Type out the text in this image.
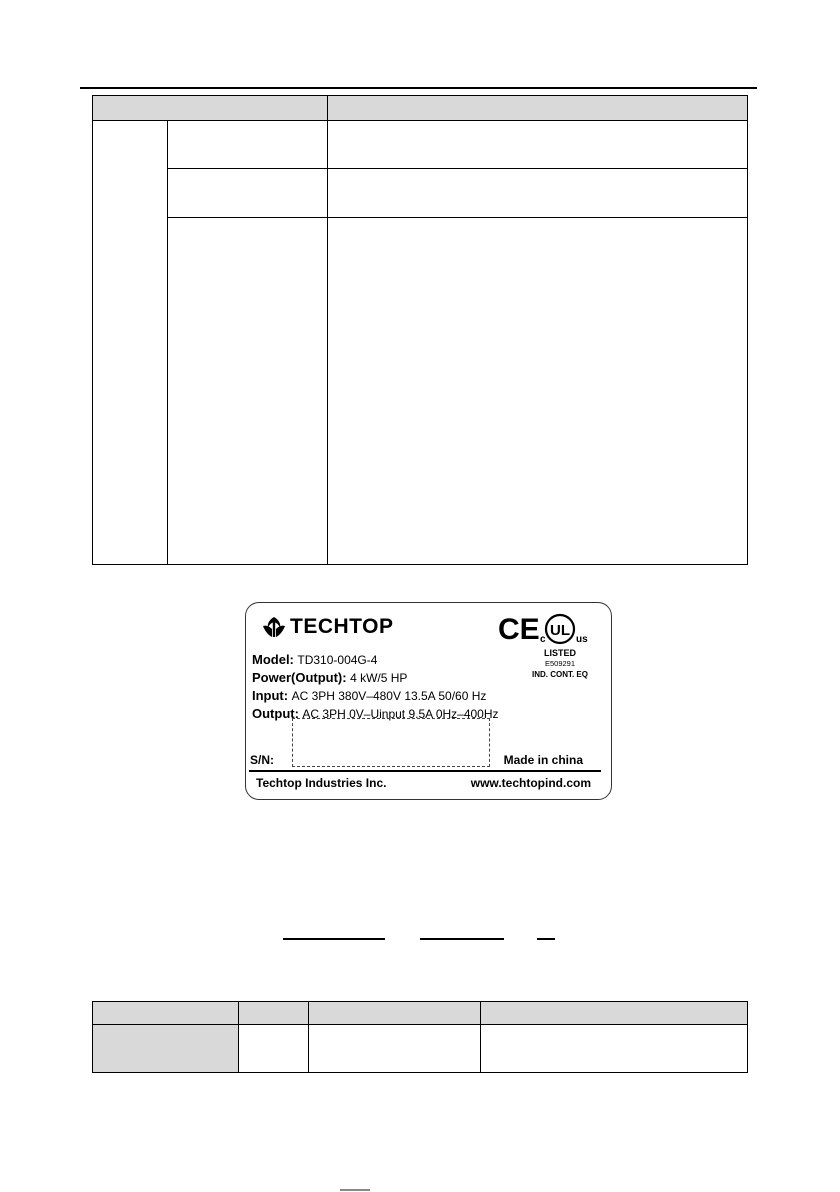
TECHTOP	CE c
UL
us
LISTED
E509291
IND. CONT. EQ
Model: TD310-004G-4
Power(Output): 4 kW/5 HP
Input: AC 3PH 380V–480V 13.5A 50/60 Hz
Output: AC 3PH 0V–Uinput 9.5A 0Hz–400Hz
S/N:	Made in china
Techtop Industries Inc.	www.techtopind.com
